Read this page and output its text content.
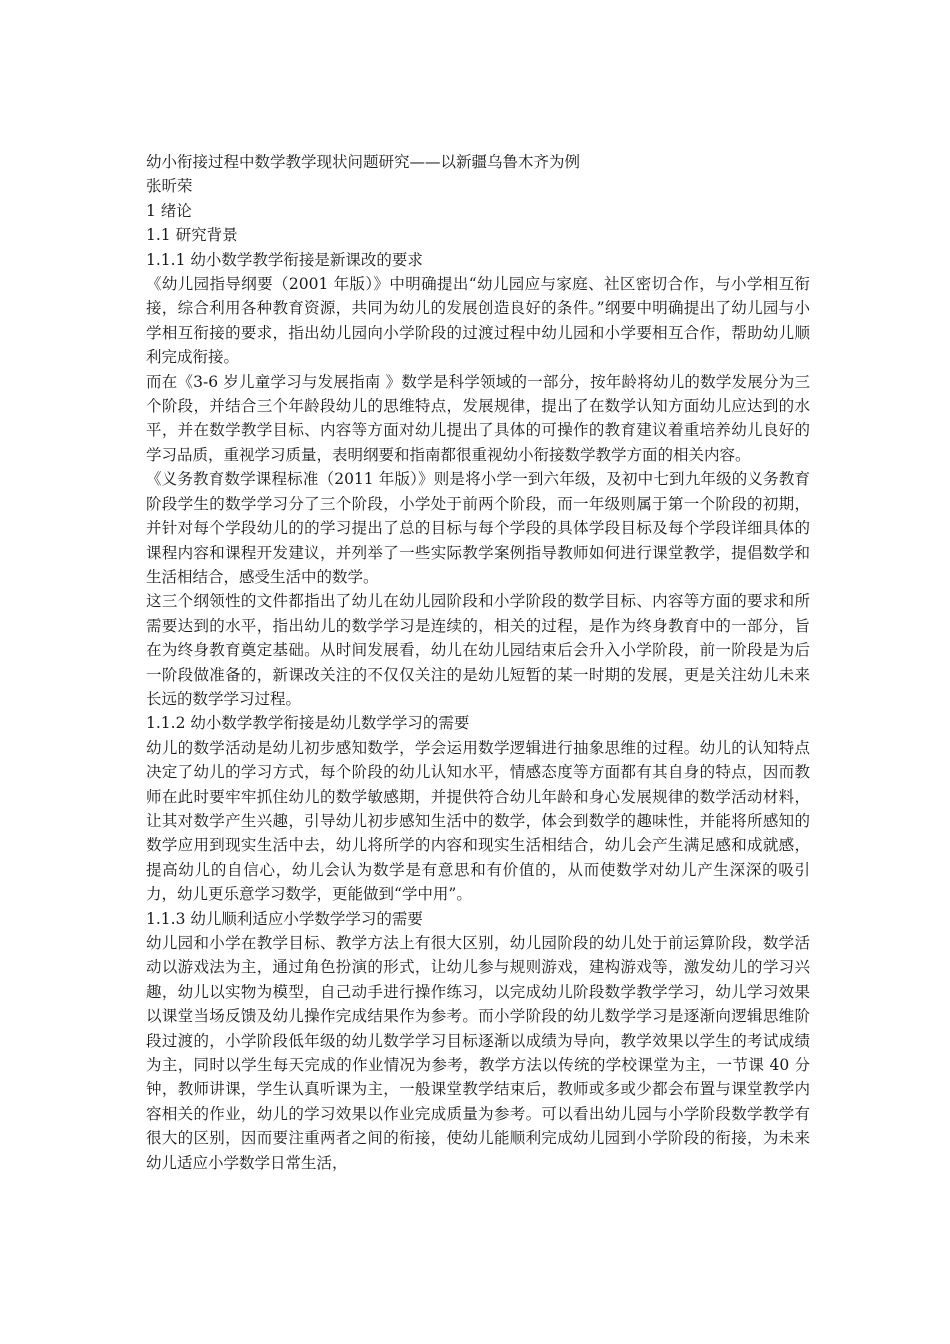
幼小衔接过程中数学教学现状问题研究——以新疆乌鲁木齐为例
张昕荣
1 绪论
1.1 研究背景
1.1.1 幼小数学教学衔接是新课改的要求
《幼儿园指导纲要（2001 年版）》中明确提出“幼儿园应与家庭、社区密切合作，与小学相互衔接，综合利用各种教育资源，共同为幼儿的发展创造良好的条件。”纲要中明确提出了幼儿园与小学相互衔接的要求，指出幼儿园向小学阶段的过渡过程中幼儿园和小学要相互合作，帮助幼儿顺利完成衔接。
而在《3-6 岁儿童学习与发展指南 》数学是科学领域的一部分，按年龄将幼儿的数学发展分为三个阶段，并结合三个年龄段幼儿的思维特点，发展规律，提出了在数学认知方面幼儿应达到的水平，并在数学教学目标、内容等方面对幼儿提出了具体的可操作的教育建议着重培养幼儿良好的学习品质，重视学习质量，表明纲要和指南都很重视幼小衔接数学教学方面的相关内容。
《义务教育数学课程标准（2011 年版）》则是将小学一到六年级，及初中七到九年级的义务教育阶段学生的数学学习分了三个阶段，小学处于前两个阶段，而一年级则属于第一个阶段的初期，并针对每个学段幼儿的的学习提出了总的目标与每个学段的具体学段目标及每个学段详细具体的课程内容和课程开发建议，并列举了一些实际教学案例指导教师如何进行课堂教学，提倡数学和生活相结合，感受生活中的数学。
这三个纲领性的文件都指出了幼儿在幼儿园阶段和小学阶段的数学目标、内容等方面的要求和所需要达到的水平，指出幼儿的数学学习是连续的，相关的过程，是作为终身教育中的一部分，旨在为终身教育奠定基础。从时间发展看，幼儿在幼儿园结束后会升入小学阶段，前一阶段是为后一阶段做准备的，新课改关注的不仅仅关注的是幼儿短暂的某一时期的发展，更是关注幼儿未来长远的数学学习过程。
1.1.2 幼小数学教学衔接是幼儿数学学习的需要
幼儿的数学活动是幼儿初步感知数学，学会运用数学逻辑进行抽象思维的过程。幼儿的认知特点决定了幼儿的学习方式，每个阶段的幼儿认知水平，情感态度等方面都有其自身的特点，因而教师在此时要牢牢抓住幼儿的数学敏感期，并提供符合幼儿年龄和身心发展规律的数学活动材料，让其对数学产生兴趣，引导幼儿初步感知生活中的数学，体会到数学的趣味性，并能将所感知的数学应用到现实生活中去，幼儿将所学的内容和现实生活相结合，幼儿会产生满足感和成就感，提高幼儿的自信心，幼儿会认为数学是有意思和有价值的，从而使数学对幼儿产生深深的吸引力，幼儿更乐意学习数学，更能做到“学中用”。
1.1.3 幼儿顺利适应小学数学学习的需要
幼儿园和小学在教学目标、教学方法上有很大区别，幼儿园阶段的幼儿处于前运算阶段，数学活动以游戏法为主，通过角色扮演的形式，让幼儿参与规则游戏，建构游戏等，激发幼儿的学习兴趣，幼儿以实物为模型，自己动手进行操作练习，以完成幼儿阶段数学教学学习，幼儿学习效果以课堂当场反馈及幼儿操作完成结果作为参考。而小学阶段的幼儿数学学习是逐渐向逻辑思维阶段过渡的，小学阶段低年级的幼儿数学学习目标逐渐以成绩为导向，教学效果以学生的考试成绩为主，同时以学生每天完成的作业情况为参考，教学方法以传统的学校课堂为主，一节课 40 分钟，教师讲课，学生认真听课为主，一般课堂教学结束后，教师或多或少都会布置与课堂教学内容相关的作业，幼儿的学习效果以作业完成质量为参考。可以看出幼儿园与小学阶段数学教学有很大的区别，因而要注重两者之间的衔接，使幼儿能顺利完成幼儿园到小学阶段的衔接，为未来幼儿适应小学数学日常生活，
